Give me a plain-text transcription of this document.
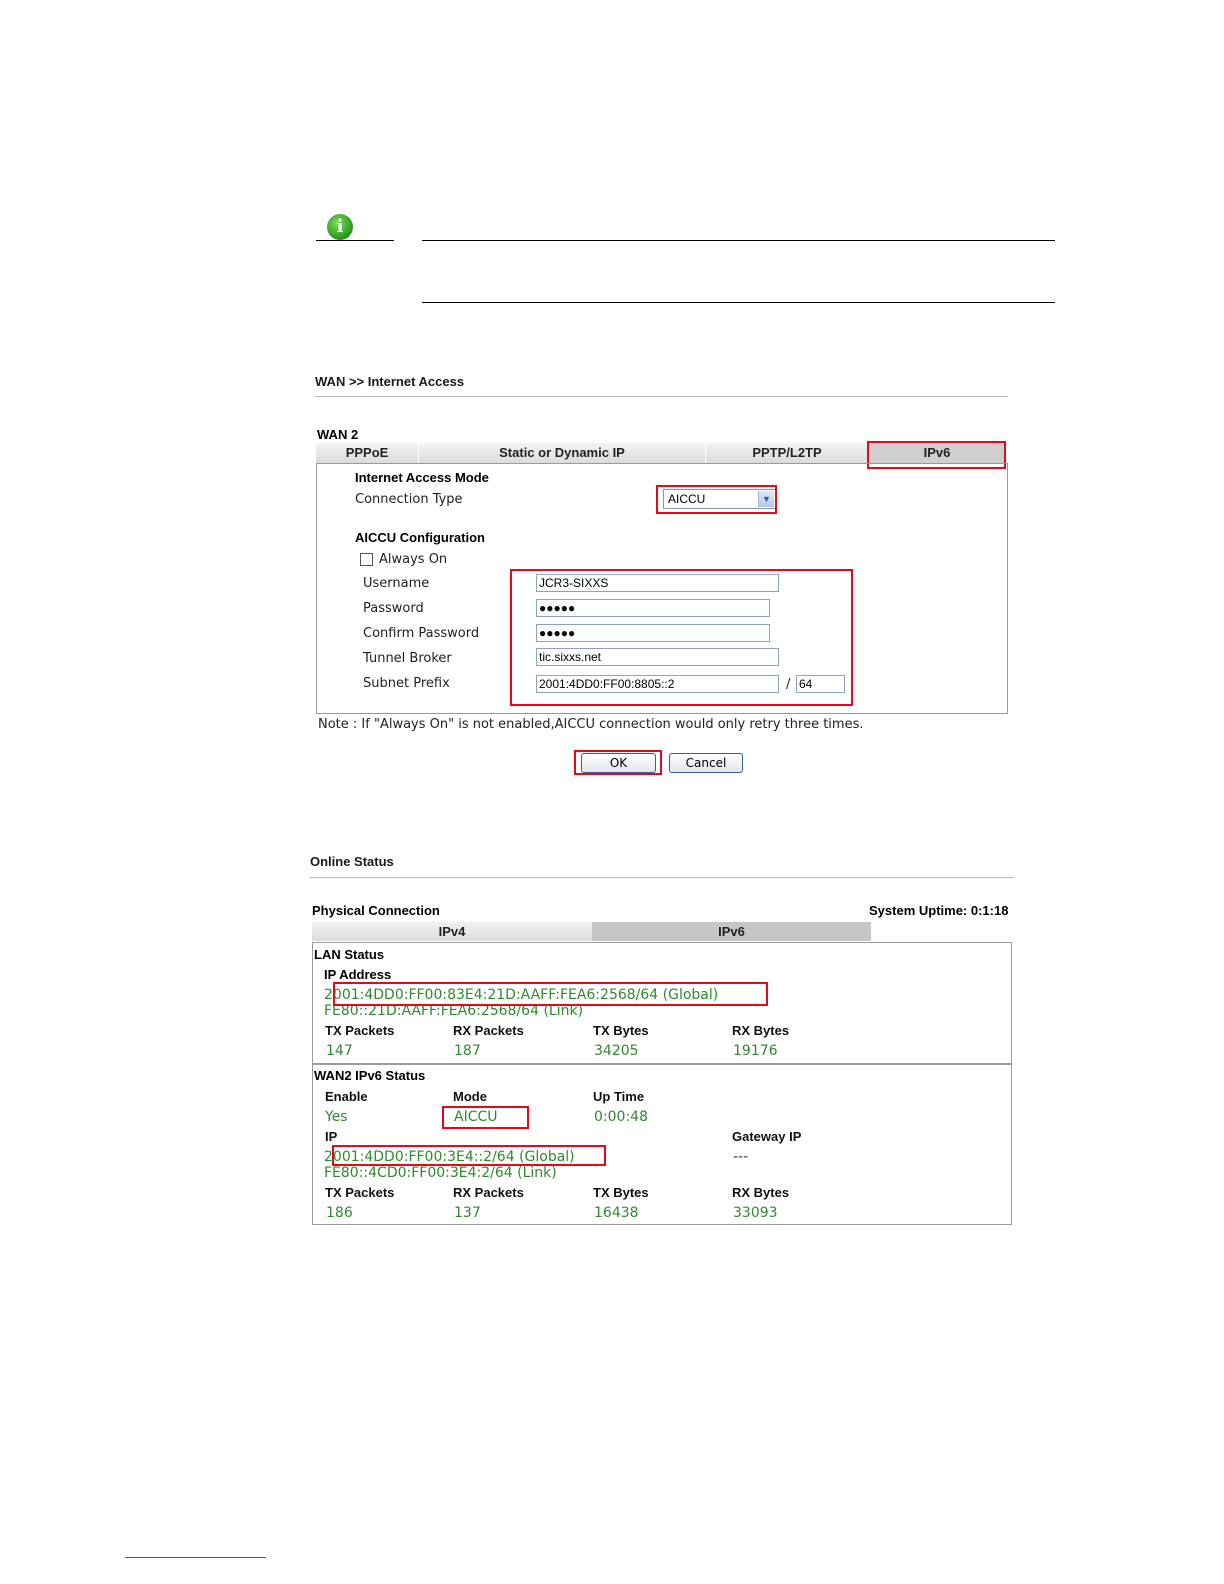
i
WAN >> Internet Access
WAN 2
PPPoE	Static or Dynamic IP	PPTP/L2TP	IPv6
Internet Access Mode
Connection Type	AICCU	▼
AICCU Configuration
Always On
Username	JCR3-SIXXS
Password	●●●●●
Confirm Password	●●●●●
Tunnel Broker	tic.sixxs.net
Subnet Prefix	2001:4DD0:FF00:8805::2	/ 64
Note : If "Always On" is not enabled,AICCU connection would only retry three times.
OK	Cancel
Online Status
Physical Connection	System Uptime: 0:1:18
IPv4	IPv6
LAN Status
IP Address
2001:4DD0:FF00:83E4:21D:AAFF:FEA6:2568/64 (Global)
FE80::21D:AAFF:FEA6:2568/64 (Link)
TX Packets	RX Packets	TX Bytes	RX Bytes
147	187	34205	19176
WAN2 IPv6 Status
Enable	Mode	Up Time
Yes	AICCU	0:00:48
IP	Gateway IP
2001:4DD0:FF00:3E4::2/64 (Global)	---
FE80::4CD0:FF00:3E4:2/64 (Link)
TX Packets	RX Packets	TX Bytes	RX Bytes
186	137	16438	33093
